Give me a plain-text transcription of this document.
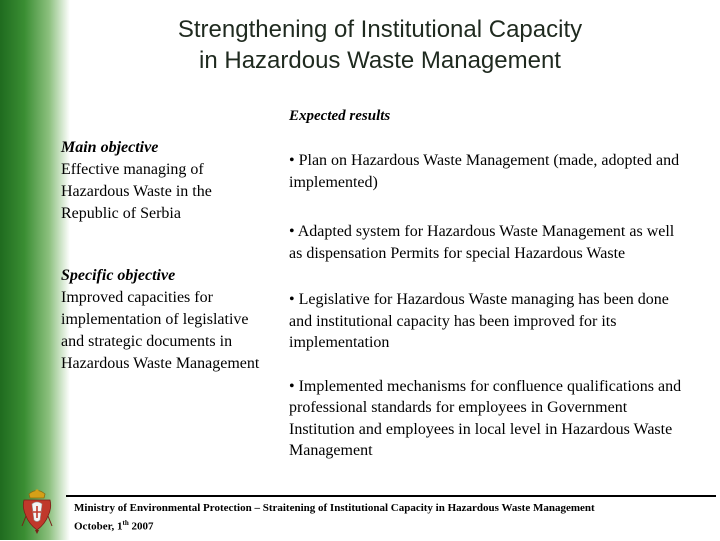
Strengthening of Institutional Capacity
in Hazardous Waste Management
Expected results
Main objective
Effective managing of Hazardous Waste in the Republic of Serbia
Specific objective
Improved capacities for implementation of legislative and strategic documents in Hazardous Waste Management
• Plan on Hazardous Waste Management (made, adopted and implemented)
• Adapted system for Hazardous Waste Management as well as dispensation Permits for special Hazardous Waste
• Legislative for Hazardous Waste managing has been done and institutional capacity has been improved for its implementation
• Implemented mechanisms for confluence qualifications and professional standards for employees in Government Institution and employees in local level in Hazardous Waste Management
Ministry of Environmental Protection – Straitening of Institutional Capacity in Hazardous Waste Management
October, 1th 2007
